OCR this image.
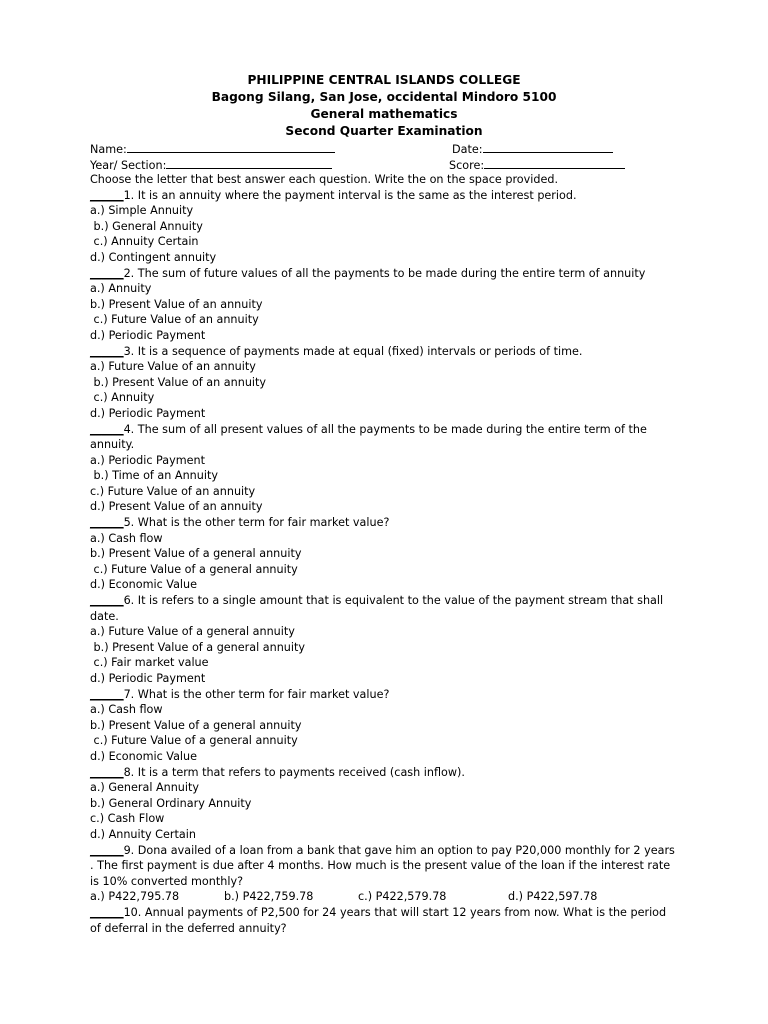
PHILIPPINE CENTRAL ISLANDS COLLEGE
Bagong Silang, San Jose, occidental Mindoro 5100
General mathematics
Second Quarter Examination
Name:	Date:
Year/ Section:	Score:
Choose the letter that best answer each question. Write the on the space provided.
______1. It is an annuity where the payment interval is the same as the interest period.
a.) Simple Annuity
b.) General Annuity
c.) Annuity Certain
d.) Contingent annuity
______2. The sum of future values of all the payments to be made during the entire term of annuity
a.) Annuity
b.) Present Value of an annuity
c.) Future Value of an annuity
d.) Periodic Payment
______3. It is a sequence of payments made at equal (fixed) intervals or periods of time.
a.) Future Value of an annuity
b.) Present Value of an annuity
c.) Annuity
d.) Periodic Payment
______4. The sum of all present values of all the payments to be made during the entire term of the annuity.
a.) Periodic Payment
b.) Time of an Annuity
c.) Future Value of an annuity
d.) Present Value of an annuity
______5. What is the other term for fair market value?
a.) Cash flow
b.) Present Value of a general annuity
c.) Future Value of a general annuity
d.) Economic Value
______6. It is refers to a single amount that is equivalent to the value of the payment stream that shall date.
a.) Future Value of a general annuity
b.) Present Value of a general annuity
c.) Fair market value
d.) Periodic Payment
______7. What is the other term for fair market value?
a.) Cash flow
b.) Present Value of a general annuity
c.) Future Value of a general annuity
d.) Economic Value
______8. It is a term that refers to payments received (cash inflow).
a.) General Annuity
b.) General Ordinary Annuity
c.) Cash Flow
d.) Annuity Certain
______9. Dona availed of a loan from a bank that gave him an option to pay P20,000 monthly for 2 years . The first payment is due after 4 months. How much is the present value of the loan if the interest rate is 10% converted monthly?
a.) P422,795.78	b.) P422,759.78	c.) P422,579.78	d.) P422,597.78
______10. Annual payments of P2,500 for 24 years that will start 12 years from now. What is the period of deferral in the deferred annuity?
